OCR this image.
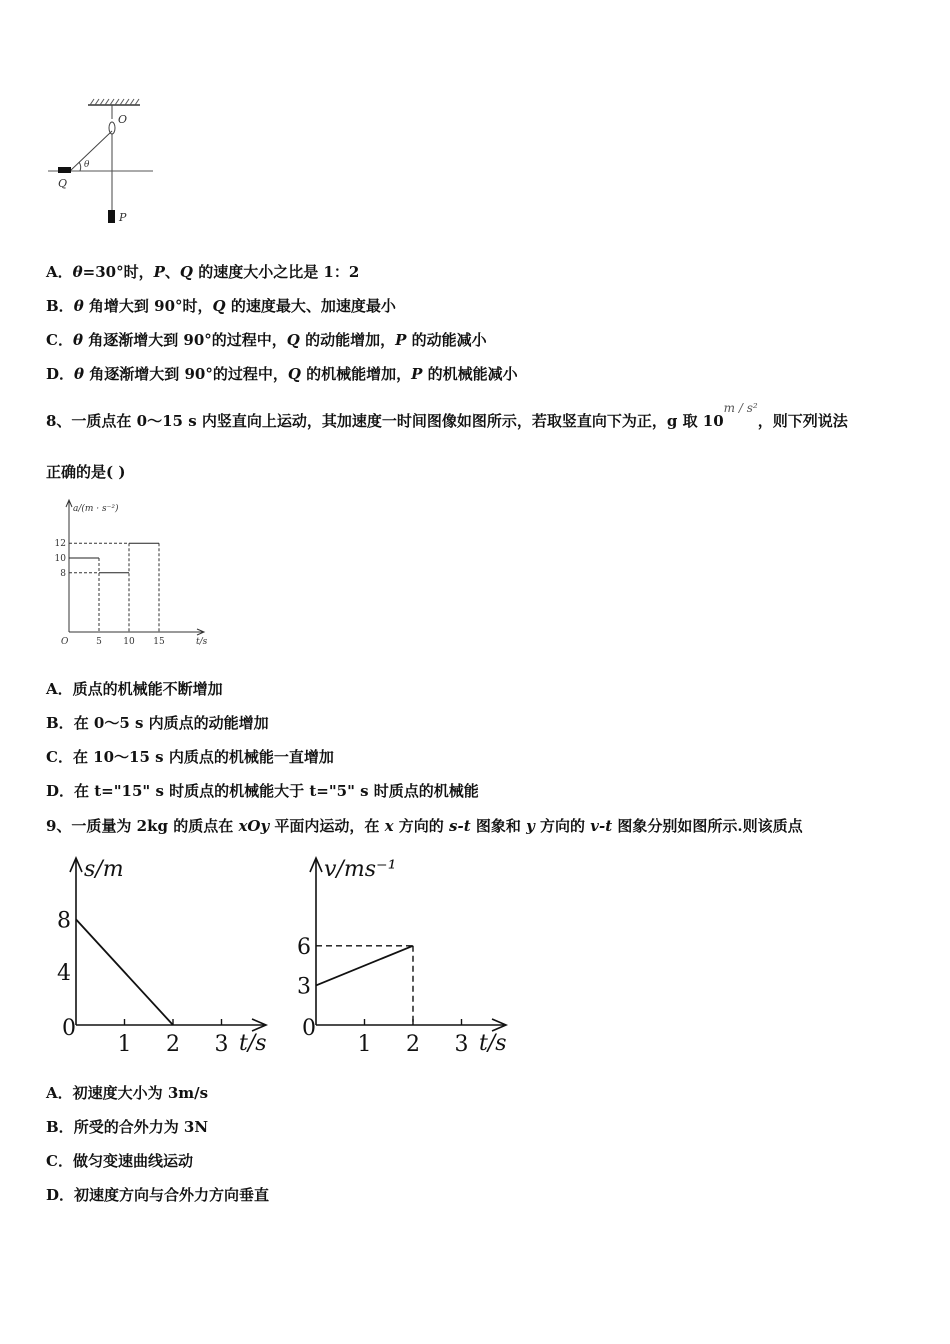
O
P
Q
θ
A．θ=30°时，P、Q 的速度大小之比是 1：2
B．θ 角增大到 90°时，Q 的速度最大、加速度最小
C．θ 角逐渐增大到 90°的过程中，Q 的动能增加，P 的动能减小
D．θ 角逐渐增大到 90°的过程中，Q 的机械能增加，P 的机械能减小
8、一质点在 0～15 s 内竖直向上运动，其加速度一时间图像如图所示，若取竖直向下为正，g 取 $10^{m / s^2}$，则下列说法
正确的是( )
a/(m · s⁻²)
t/s
O	5 10 15
8
10
12
A．质点的机械能不断增加
B．在 0～5 s 内质点的动能增加
C．在 10～15 s 内质点的机械能一直增加
D．在 t="15" s 时质点的机械能大于 t="5" s 时质点的机械能
9、一质量为 2kg 的质点在 xOy 平面内运动，在 x 方向的 s-t 图象和 y 方向的 v-t 图象分别如图所示.则该质点
s/m
t/s
0
1 2 3
4
8
v/ms⁻¹
t/s
0
1 2 3
3
6
A．初速度大小为 3m/s
B．所受的合外力为 3N
C．做匀变速曲线运动
D．初速度方向与合外力方向垂直
